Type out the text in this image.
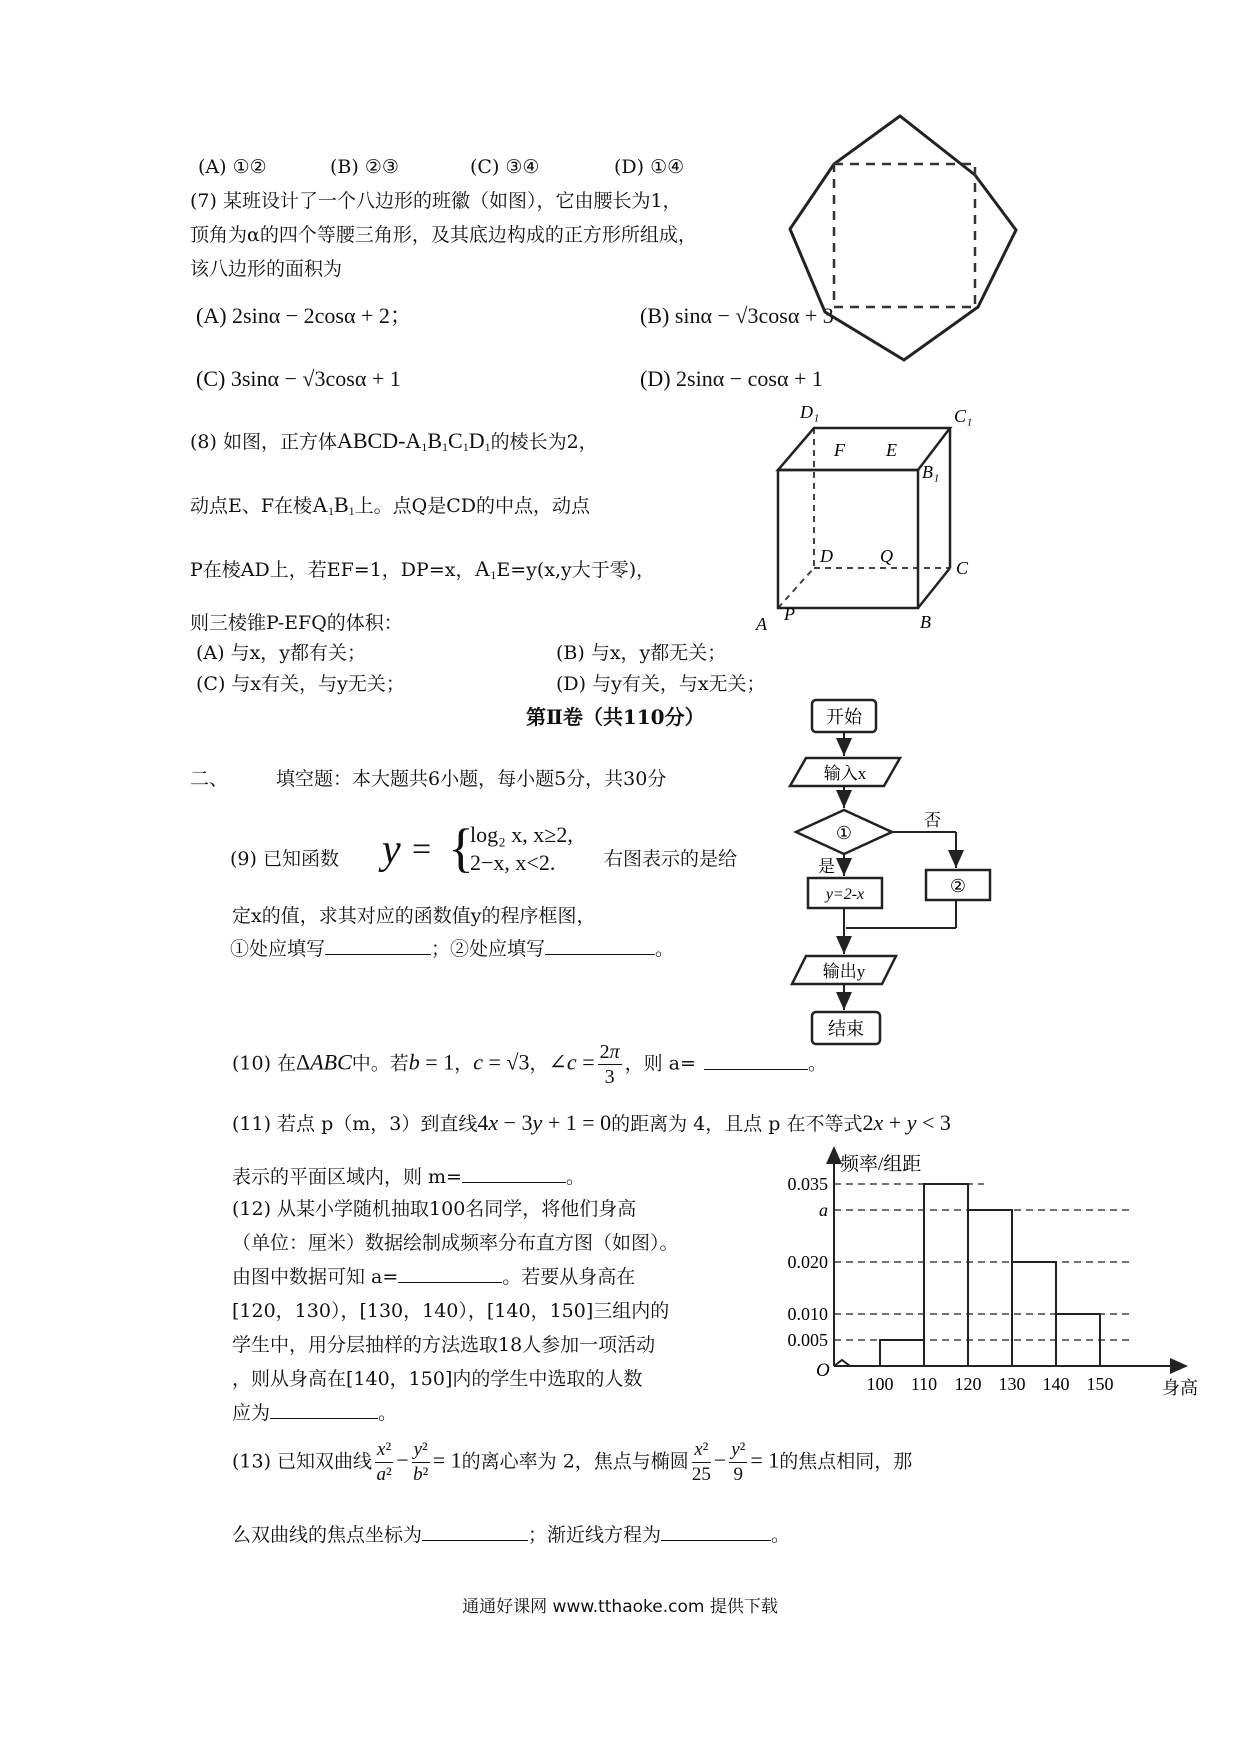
(A) ①②	(B) ②③	(C) ③④	(D) ①④
(7) 某班设计了一个八边形的班徽（如图），它由腰长为1，
顶角为α的四个等腰三角形，及其底边构成的正方形所组成，
该八边形的面积为
(A) 2sinα − 2cosα + 2；	(B) sinα − √3cosα + 3
(C) 3sinα − √3cosα + 1	(D) 2sinα − cosα + 1
(8) 如图，正方体ABCD-$A_1B_1C_1D_1$的棱长为2，
动点E、F在棱$A_1B_1$上。点Q是CD的中点，动点
P在棱AD上，若EF=1，DP=x，$A_1E=y(x,y$大于零)，
则三棱锥P-EFQ的体积：
(A) 与x，y都有关；	(B) 与x，y都无关；
(C) 与x有关，与y无关；	(D) 与y有关，与x无关；
D₁	C₁
F E
B₁
D	Q
C
A P	B
第Ⅱ卷（共110分）
二、	填空题：本大题共6小题，每小题5分，共30分
(9) 已知函数 y = {
log₂ x, x≥2,
2−x, x<2.	右图表示的是给
定x的值，求其对应的函数值y的程序框图，
①处应填写	；②处应填写	。
开始
输入x
①
否
②
是
y=2-x
输出y
结束
(10) 在ΔABC中。若b = 1，c = √3，∠c = $\frac{2\pi}{3}$ ，则 a=	。
(11) 若点 p（m，3）到直线4x − 3y + 1 = 0的距离为 4，且点 p 在不等式2x + y < 3
表示的平面区域内，则 m=	。
(12) 从某小学随机抽取100名同学，将他们身高
（单位：厘米）数据绘制成频率分布直方图（如图）。
由图中数据可知 a=	。若要从身高在
[120，130），[130，140），[140，150]三组内的
学生中，用分层抽样的方法选取18人参加一项活动
，则从身高在[140，150]内的学生中选取的人数
应为	。
0.035
a
0.020
0.010
0.005
100 110 120 130 140 150
频率/组距
身高
O
(13) 已知双曲线 $\frac{\text{x²}}{\text{a²}} - \frac{\text{y²}}{\text{b²}} = 1$的离心率为 2，焦点与椭圆 $\frac{\text{x²}}{25} - \frac{\text{y²}}{9} = 1$的焦点相同，那
么双曲线的焦点坐标为	；渐近线方程为	。
通通好课网 www.tthaoke.com 提供下载
